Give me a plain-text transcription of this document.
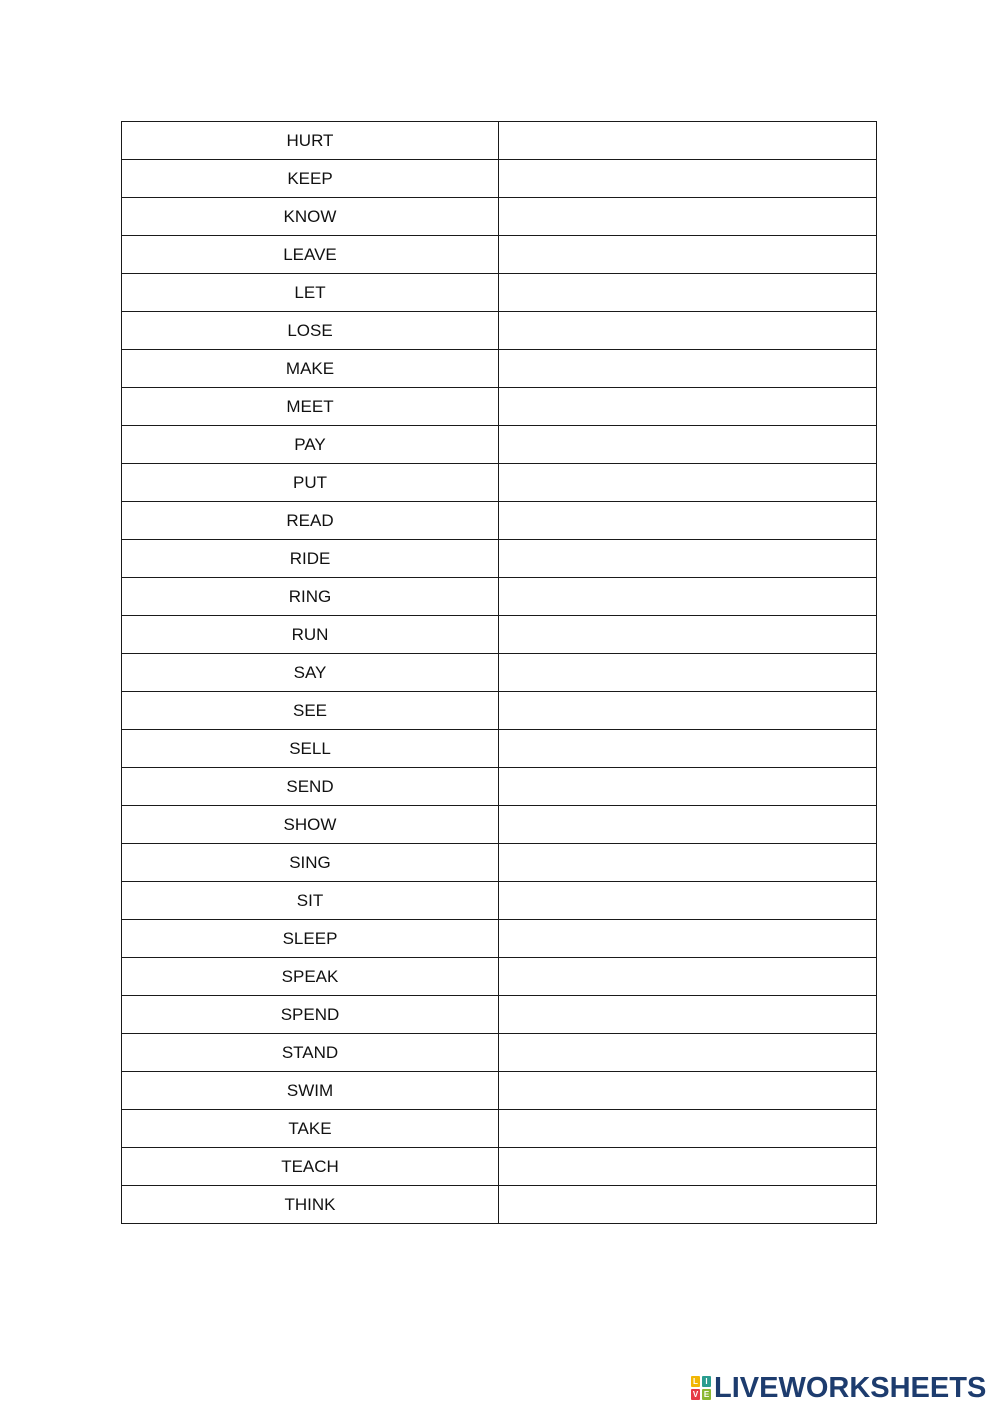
HURT	
KEEP	
KNOW	
LEAVE	
LET	
LOSE	
MAKE	
MEET	
PAY	
PUT	
READ	
RIDE	
RING	
RUN	
SAY	
SEE	
SELL	
SEND	
SHOW	
SING	
SIT	
SLEEP	
SPEAK	
SPEND	
STAND	
SWIM	
TAKE	
TEACH	
THINK	
L I
V E LIVEWORKSHEETS
